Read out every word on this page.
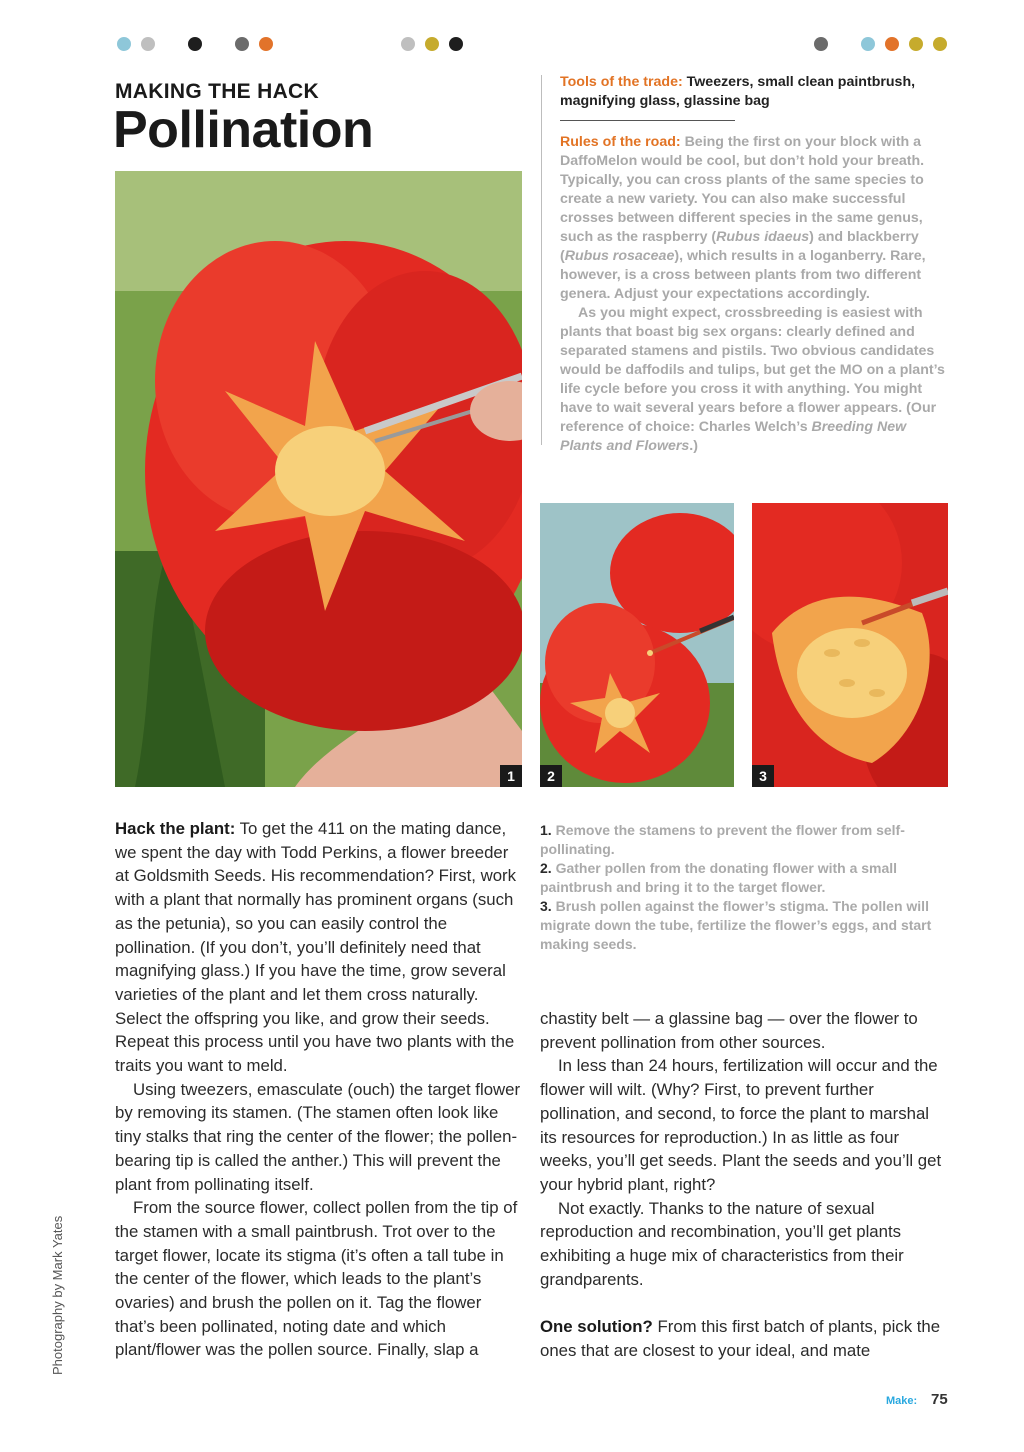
MAKING THE HACK
Pollination
Tools of the trade: Tweezers, small clean paintbrush, magnifying glass, glassine bag

Rules of the road: Being the first on your block with a DaffoMelon would be cool, but don’t hold your breath. Typically, you can cross plants of the same species to create a new variety. You can also make successful crosses between different species in the same genus, such as the raspberry (Rubus idaeus) and blackberry (Rubus rosaceae), which results in a loganberry. Rare, however, is a cross between plants from two different genera. Adjust your expectations accordingly.

As you might expect, crossbreeding is easiest with plants that boast big sex organs: clearly defined and separated stamens and pistils. Two obvious candidates would be daffodils and tulips, but get the MO on a plant’s life cycle before you cross it with anything. You might have to wait several years before a flower appears. (Our reference of choice: Charles Welch’s Breeding New Plants and Flowers.)

1	2	3

1. Remove the stamens to prevent the flower from self-pollinating.

2. Gather pollen from the donating flower with a small paintbrush and bring it to the target flower.

3. Brush pollen against the flower’s stigma. The pollen will migrate down the tube, fertilize the flower’s eggs, and start making seeds.

Hack the plant: To get the 411 on the mating dance, we spent the day with Todd Perkins, a flower breeder at Goldsmith Seeds. His recommendation? First, work with a plant that normally has prominent organs (such as the petunia), so you can easily control the pollination. (If you don’t, you’ll definitely need that magnifying glass.) If you have the time, grow several varieties of the plant and let them cross naturally. Select the offspring you like, and grow their seeds. Repeat this process until you have two plants with the traits you want to meld.

Using tweezers, emasculate (ouch) the target flower by removing its stamen. (The stamen often look like tiny stalks that ring the center of the flower; the pollen-bearing tip is called the anther.) This will prevent the plant from pollinating itself.

From the source flower, collect pollen from the tip of the stamen with a small paintbrush. Trot over to the target flower, locate its stigma (it’s often a tall tube in the center of the flower, which leads to the plant’s ovaries) and brush the pollen on it. Tag the flower that’s been pollinated, noting date and which plant/flower was the pollen source. Finally, slap a

chastity belt — a glassine bag — over the flower to prevent pollination from other sources.

In less than 24 hours, fertilization will occur and the flower will wilt. (Why? First, to prevent further pollination, and second, to force the plant to marshal its resources for reproduction.) In as little as four weeks, you’ll get seeds. Plant the seeds and you’ll get your hybrid plant, right?

Not exactly. Thanks to the nature of sexual reproduction and recombination, you’ll get plants exhibiting a huge mix of characteristics from their grandparents.

One solution? From this first batch of plants, pick the ones that are closest to your ideal, and mate

Photography by Mark Yates
Make: 75
